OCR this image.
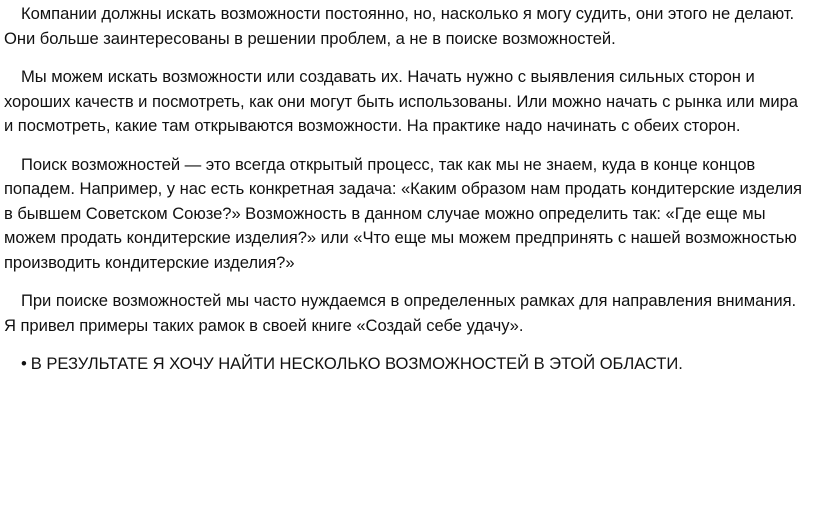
Компании должны искать возможности постоянно, но, насколько я могу судить, они этого не делают. Они больше заинтересованы в решении проблем, а не в поиске возможностей.

Мы можем искать возможности или создавать их. Начать нужно с выявления сильных сторон и хороших качеств и посмотреть, как они могут быть использованы. Или можно начать с рынка или мира и посмотреть, какие там открываются возможности. На практике надо начинать с обеих сторон.

Поиск возможностей — это всегда открытый процесс, так как мы не знаем, куда в конце концов попадем. Например, у нас есть конкретная задача: «Каким образом нам продать кондитерские изделия в бывшем Советском Союзе?» Возможность в данном случае можно определить так: «Где еще мы можем продать кондитерские изделия?» или «Что еще мы можем предпринять с нашей возможностью производить кондитерские изделия?»

При поиске возможностей мы часто нуждаемся в определенных рамках для направления внимания. Я привел примеры таких рамок в своей книге «Создай себе удачу».

• В РЕЗУЛЬТАТЕ Я ХОЧУ НАЙТИ НЕСКОЛЬКО ВОЗМОЖНОСТЕЙ В ЭТОЙ ОБЛАСТИ.
